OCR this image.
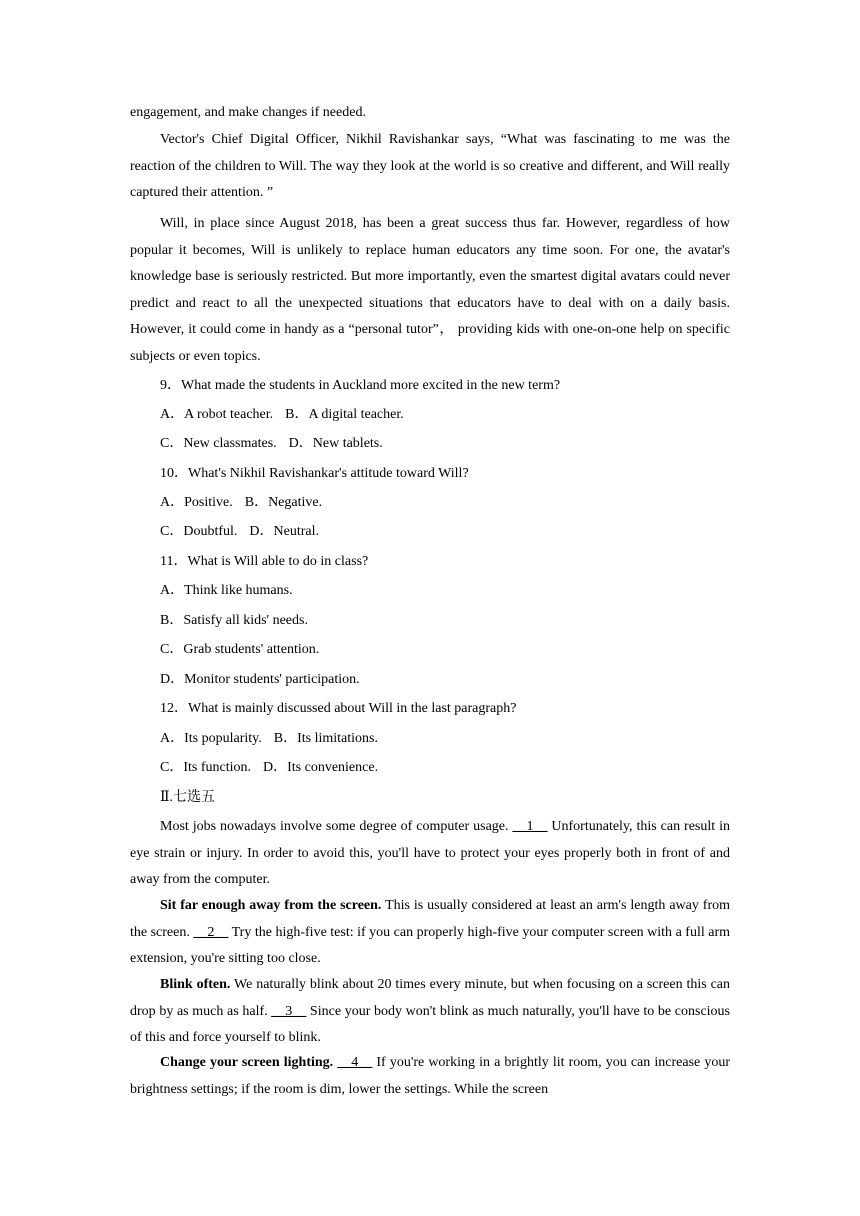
engagement, and make changes if needed.
Vector's Chief Digital Officer, Nikhil Ravishankar says, “What was fascinating to me was the reaction of the children to Will. The way they look at the world is so creative and different, and Will really captured their attention. ”
Will, in place since August 2018, has been a great success thus far. However, regardless of how popular it becomes, Will is unlikely to replace human educators any time soon. For one, the avatar's knowledge base is seriously restricted. But more importantly, even the smartest digital avatars could never predict and react to all the unexpected situations that educators have to deal with on a daily basis. However, it could come in handy as a “personal tutor”， providing kids with one-on-one help on specific subjects or even topics.
9．What made the students in Auckland more excited in the new term?
A．A robot teacher. B．A digital teacher.
C．New classmates. D．New tablets.
10．What's Nikhil Ravishankar's attitude toward Will?
A．Positive. B．Negative.
C．Doubtful. D．Neutral.
11．What is Will able to do in class?
A．Think like humans.
B．Satisfy all kids' needs.
C．Grab students' attention.
D．Monitor students' participation.
12．What is mainly discussed about Will in the last paragraph?
A．Its popularity. B．Its limitations.
C．Its function. D．Its convenience.
Ⅱ.七选五
Most jobs nowadays involve some degree of computer usage. __1__ Unfortunately, this can result in eye strain or injury. In order to avoid this, you'll have to protect your eyes properly both in front of and away from the computer.
Sit far enough away from the screen. This is usually considered at least an arm's length away from the screen. __2__ Try the high-five test: if you can properly high-five your computer screen with a full arm extension, you're sitting too close.
Blink often. We naturally blink about 20 times every minute, but when focusing on a screen this can drop by as much as half. __3__ Since your body won't blink as much naturally, you'll have to be conscious of this and force yourself to blink.
Change your screen lighting. __4__ If you're working in a brightly lit room, you can increase your brightness settings; if the room is dim, lower the settings. While the screen
